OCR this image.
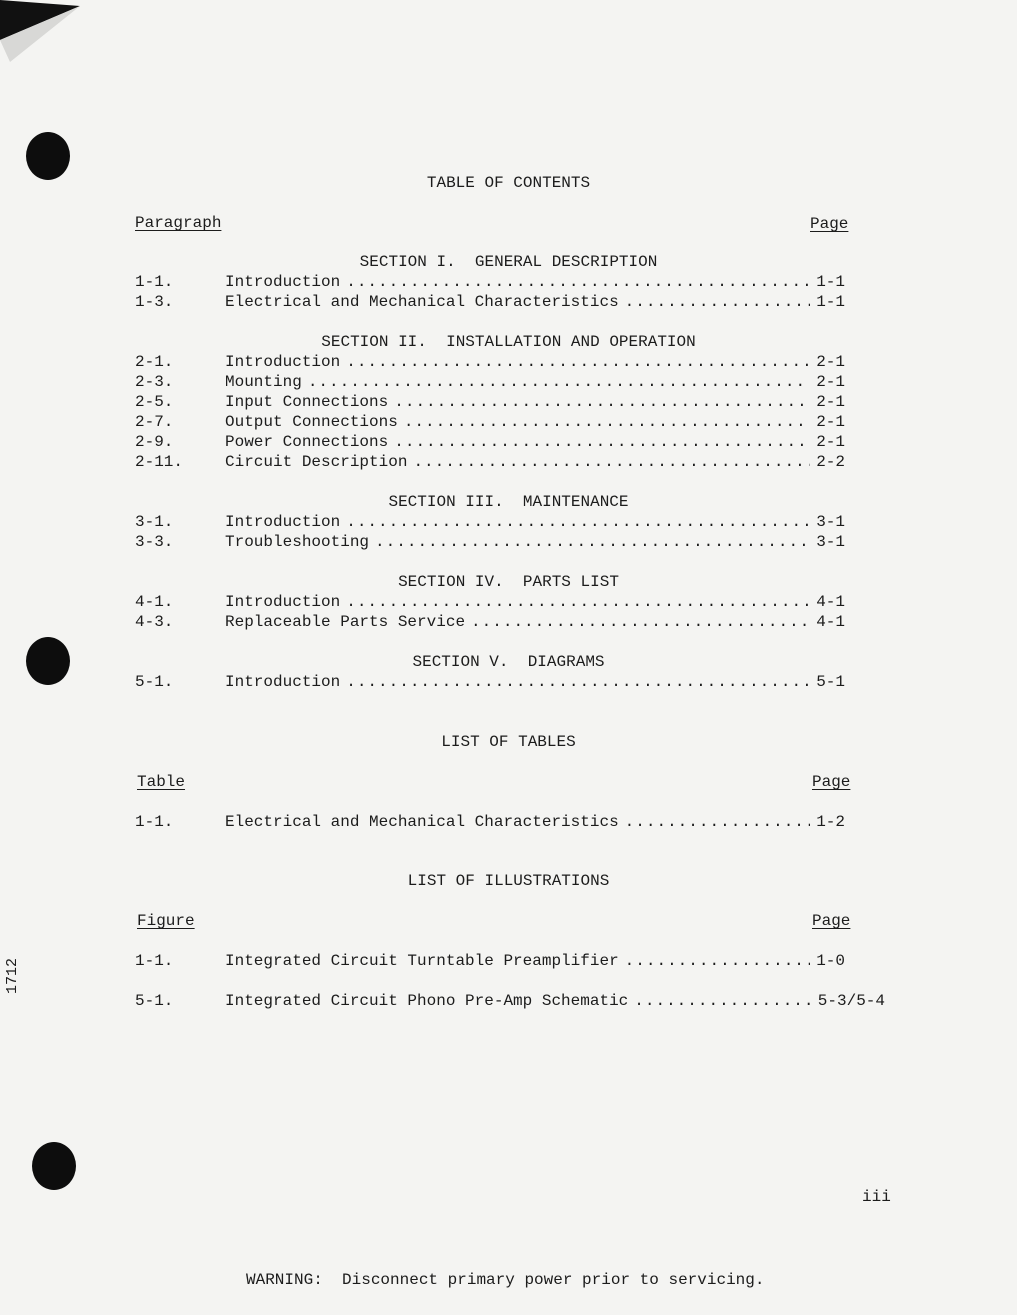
TABLE OF CONTENTS
Paragraph	Page
SECTION I.  GENERAL DESCRIPTION
1-1.	Introduction .....	1-1
1-3.	Electrical and Mechanical Characteristics .....	1-1
SECTION II.  INSTALLATION AND OPERATION
2-1.	Introduction .....	2-1
2-3.	Mounting .....	2-1
2-5.	Input Connections .....	2-1
2-7.	Output Connections .....	2-1
2-9.	Power Connections .....	2-1
2-11.	Circuit Description .....	2-2
SECTION III.  MAINTENANCE
3-1.	Introduction .....	3-1
3-3.	Troubleshooting .....	3-1
SECTION IV.  PARTS LIST
4-1.	Introduction .....	4-1
4-3.	Replaceable Parts Service .....	4-1
SECTION V.  DIAGRAMS
5-1.	Introduction .....	5-1
LIST OF TABLES
Table	Page
1-1.	Electrical and Mechanical Characteristics .....	1-2
LIST OF ILLUSTRATIONS
Figure	Page
1-1.	Integrated Circuit Turntable Preamplifier .....	1-0
5-1.	Integrated Circuit Phono Pre-Amp Schematic .....	5-3/5-4
1712
iii
WARNING:  Disconnect primary power prior to servicing.
